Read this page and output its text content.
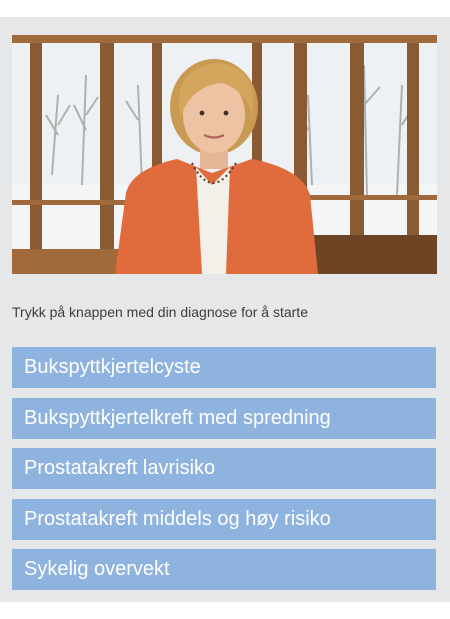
Trykk på knappen med din diagnose for å starte
Bukspyttkjertelcyste
Bukspyttkjertelkreft med spredning
Prostatakreft lavrisiko
Prostatakreft middels og høy risiko
Sykelig overvekt
